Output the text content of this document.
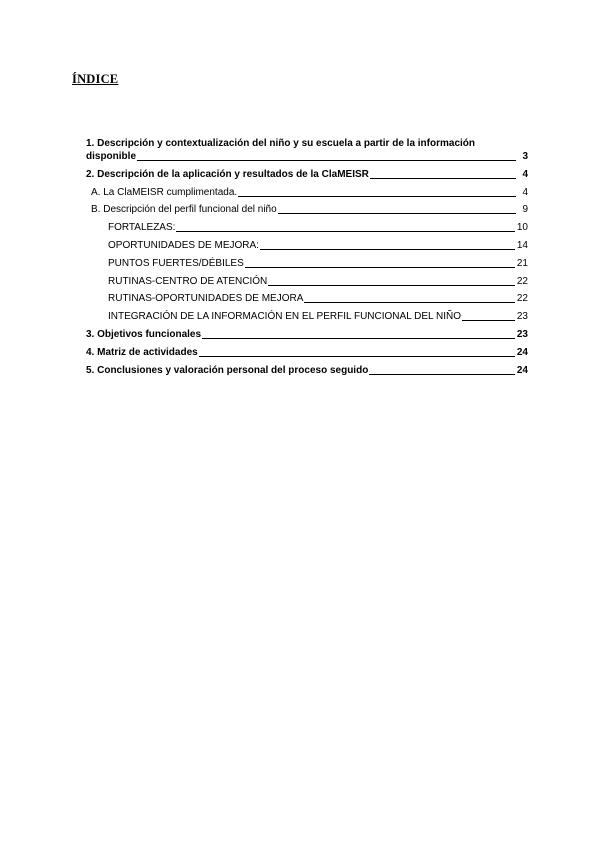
ÍNDICE
1. Descripción y contextualización del niño y su escuela a partir de la información
disponible	3
2. Descripción de la aplicación y resultados de la ClaMEISR	4
A. La ClaMEISR cumplimentada.	4
B. Descripción del perfil funcional del niño	9
FORTALEZAS:	10
OPORTUNIDADES DE MEJORA:	14
PUNTOS FUERTES/DÉBILES	21
RUTINAS-CENTRO DE ATENCIÓN	22
RUTINAS-OPORTUNIDADES DE MEJORA	22
INTEGRACIÓN DE LA INFORMACIÓN EN EL PERFIL FUNCIONAL DEL NIÑO	23
3. Objetivos funcionales	23
4. Matriz de actividades	24
5. Conclusiones y valoración personal del proceso seguido	24
